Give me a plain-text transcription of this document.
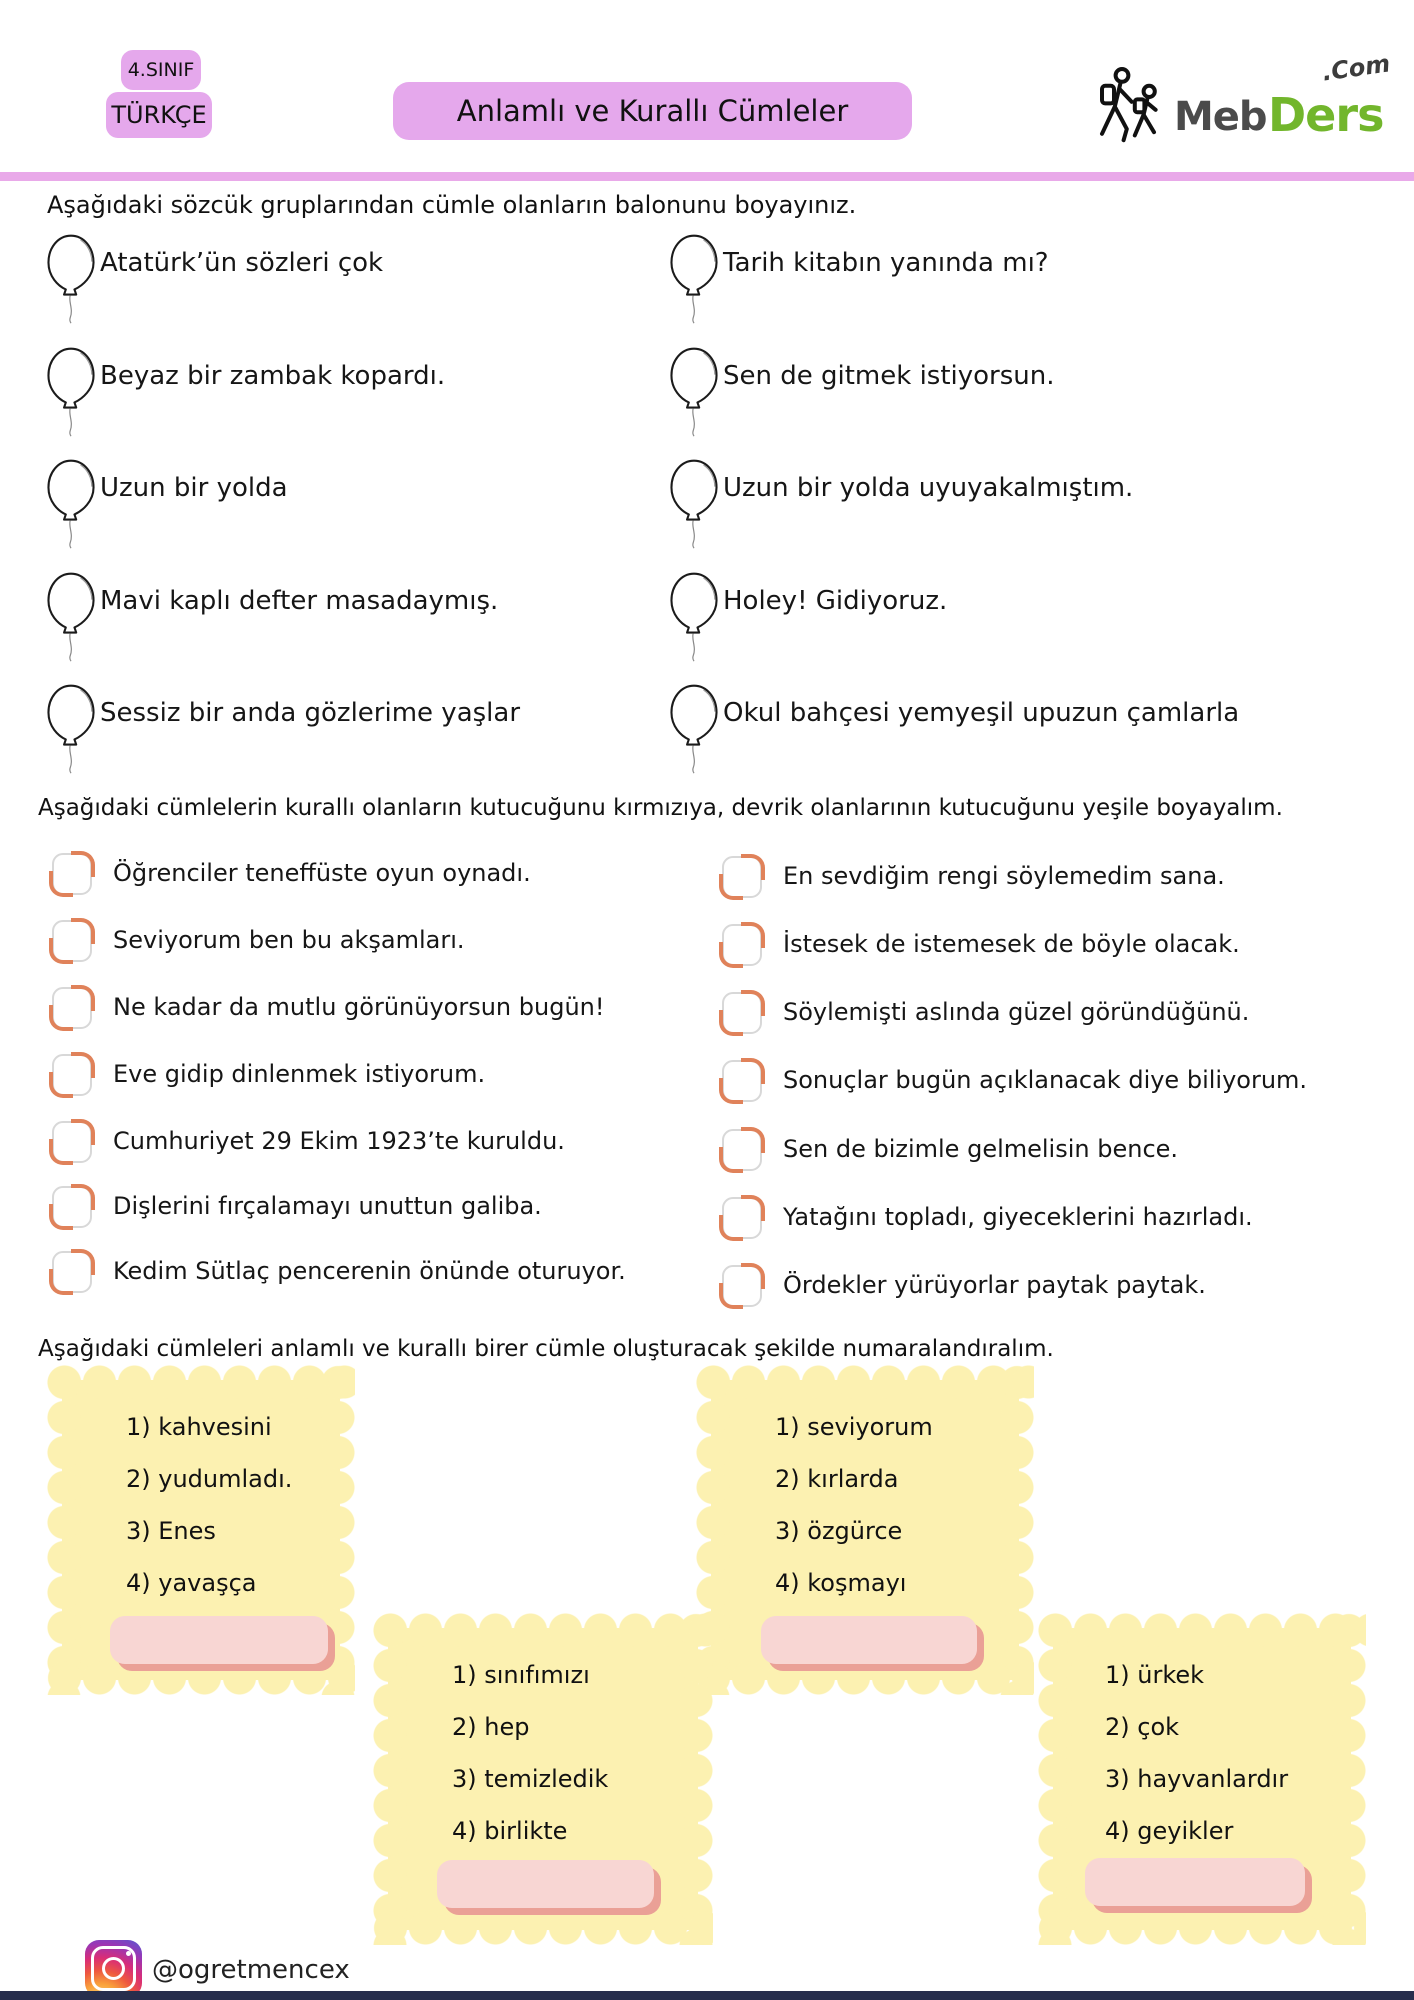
4.SINIF
TÜRKÇE	Anlamlı ve Kurallı Cümleler	Meb Ders
.Com
Aşağıdaki sözcük gruplarından cümle olanların balonunu boyayınız.
Atatürk’ün sözleri çok
Beyaz bir zambak kopardı.
Uzun bir yolda
Mavi kaplı defter masadaymış.
Sessiz bir anda gözlerime yaşlar
Tarih kitabın yanında mı?
Sen de gitmek istiyorsun.
Uzun bir yolda uyuyakalmıştım.
Holey! Gidiyoruz.
Okul bahçesi yemyeşil upuzun çamlarla
Aşağıdaki cümlelerin kurallı olanların kutucuğunu kırmızıya, devrik olanlarının kutucuğunu yeşile boyayalım.
Öğrenciler teneffüste oyun oynadı.
Seviyorum ben bu akşamları.
Ne kadar da mutlu görünüyorsun bugün!
Eve gidip dinlenmek istiyorum.
Cumhuriyet 29 Ekim 1923’te kuruldu.
Dişlerini fırçalamayı unuttun galiba.
Kedim Sütlaç pencerenin önünde oturuyor.
En sevdiğim rengi söylemedim sana.
İstesek de istemesek de böyle olacak.
Söylemişti aslında güzel göründüğünü.
Sonuçlar bugün açıklanacak diye biliyorum.
Sen de bizimle gelmelisin bence.
Yatağını topladı, giyeceklerini hazırladı.
Ördekler yürüyorlar paytak paytak.
Aşağıdaki cümleleri anlamlı ve kurallı birer cümle oluşturacak şekilde numaralandıralım.
1) kahvesini
2) yudumladı.
3) Enes
4) yavaşça
1) seviyorum
2) kırlarda
3) özgürce
4) koşmayı
1) sınıfımızı
2) hep
3) temizledik
4) birlikte
1) ürkek
2) çok
3) hayvanlardır
4) geyikler
@ogretmencex
